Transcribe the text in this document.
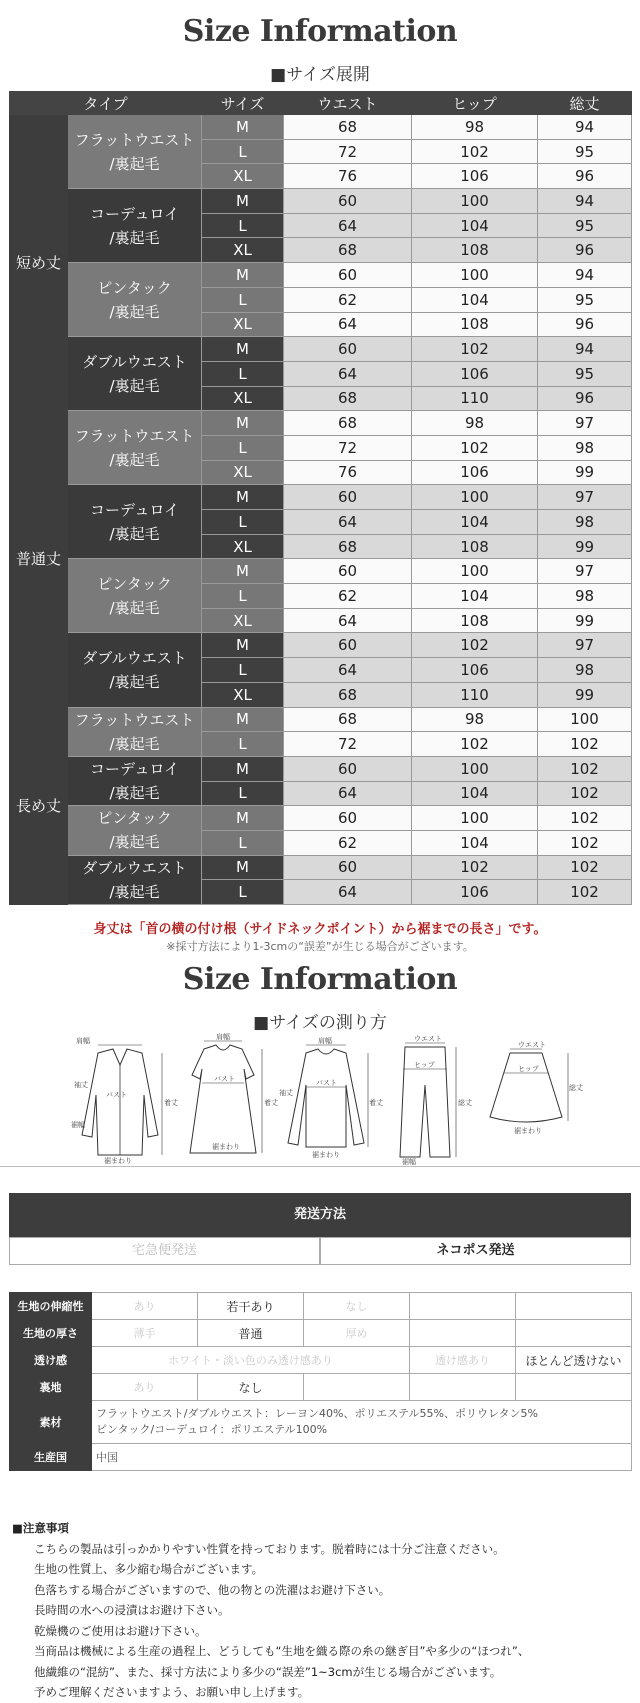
Size Information
■サイズ展開
タイプ		サイズ	ウエスト	ヒップ	総丈
短め丈	フラットウエスト
/裏起毛	M	68	98	94
		L	72	102	95
		XL	76	106	96
	コーデュロイ
/裏起毛	M	60	100	94
		L	64	104	95
		XL	68	108	96
	ピンタック
/裏起毛	M	60	100	94
		L	62	104	95
		XL	64	108	96
	ダブルウエスト
/裏起毛	M	60	102	94
		L	64	106	95
		XL	68	110	96
普通丈	フラットウエスト
/裏起毛	M	68	98	97
		L	72	102	98
		XL	76	106	99
	コーデュロイ
/裏起毛	M	60	100	97
		L	64	104	98
		XL	68	108	99
	ピンタック
/裏起毛	M	60	100	97
		L	62	104	98
		XL	64	108	99
	ダブルウエスト
/裏起毛	M	60	102	97
		L	64	106	98
		XL	68	110	99
長め丈	フラットウエスト
/裏起毛	M	68	98	100
		L	72	102	102
	コーデュロイ
/裏起毛	M	60	100	102
		L	64	104	102
	ピンタック
/裏起毛	M	60	100	102
		L	62	104	102
	ダブルウエスト
/裏起毛	M	60	102	102
		L	64	106	102
身丈は「首の横の付け根（サイドネックポイント）から裾までの長さ」です。
※採寸方法により1-3cmの“誤差”が生じる場合がございます。
Size Information
■サイズの測り方
肩幅
袖丈
バスト
着丈
裾幅
裾まわり
肩幅
バスト
着丈
裾まわり
肩幅
袖丈
バスト
着丈
裾まわり
ウエスト
ヒップ
総丈
裾幅
ウエスト
ヒップ
総丈
裾まわり
発送方法
宅急便発送	ネコポス発送
生地の伸縮性	あり	若干あり	なし		
生地の厚さ	薄手	普通	厚め		
透け感	ホワイト・淡い色のみ透け感あり			透け感あり	ほとんど透けない
裏地	あり	なし			
素材	フラットウエスト/ダブルウエスト：レーヨン40%、ポリエステル55%、ポリウレタン5%
ピンタック/コーデュロイ：ポリエステル100%				

生産国	中国				
■注意事項
こちらの製品は引っかかりやすい性質を持っております。脱着時には十分ご注意ください。
生地の性質上、多少縮む場合がございます。
色落ちする場合がございますので、他の物との洗濯はお避け下さい。
長時間の水への浸漬はお避け下さい。
乾燥機のご使用はお避け下さい。
当商品は機械による生産の過程上、どうしても“生地を織る際の糸の継ぎ目”や多少の“ほつれ”、
他繊維の“混紡”、また、採寸方法により多少の“誤差”1~3cmが生じる場合がございます。
予めご理解くださいますよう、お願い申し上げます。
